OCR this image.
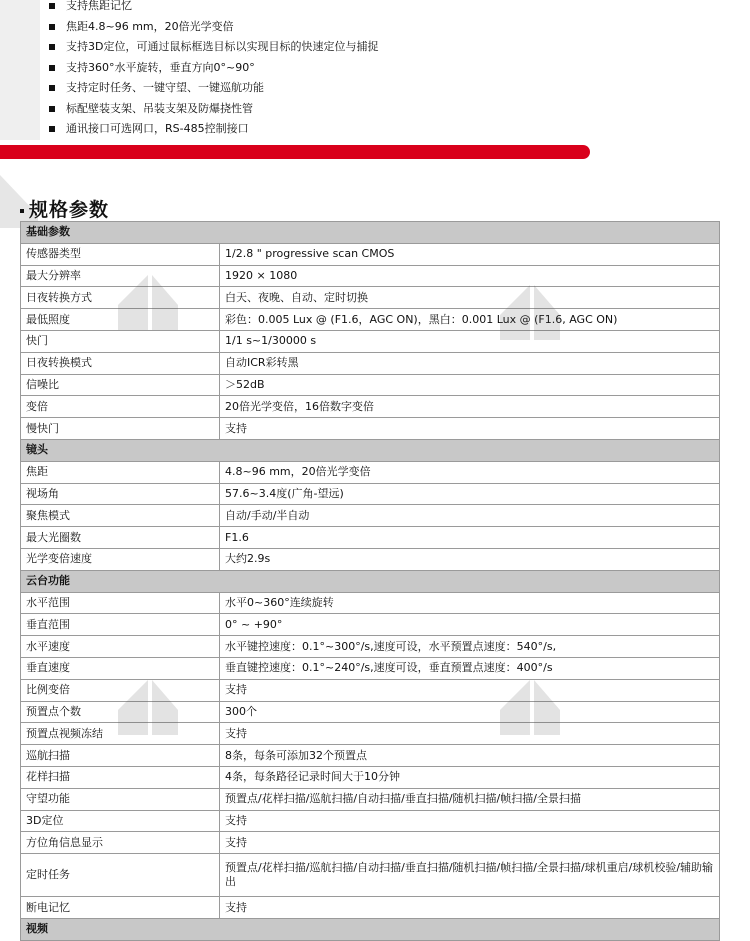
支持焦距记忆
焦距4.8~96 mm，20倍光学变倍
支持3D定位，可通过鼠标框选目标以实现目标的快速定位与捕捉
支持360°水平旋转，垂直方向0°~90°
支持定时任务、一键守望、一键巡航功能
标配壁装支架、吊装支架及防爆挠性管
通讯接口可选网口，RS-485控制接口
规格参数
基础参数	
传感器类型	1/2.8 " progressive scan CMOS
最大分辨率	1920 × 1080
日夜转换方式	白天、夜晚、自动、定时切换
最低照度	彩色：0.005 Lux @ (F1.6，AGC ON)，黑白：0.001 Lux @ (F1.6, AGC ON)
快门	1/1 s~1/30000 s
日夜转换模式	自动ICR彩转黑
信噪比	＞52dB
变倍	20倍光学变倍，16倍数字变倍
慢快门	支持
镜头	
焦距	4.8~96 mm，20倍光学变倍
视场角	57.6~3.4度(广角-望远)
聚焦模式	自动/手动/半自动
最大光圈数	F1.6
光学变倍速度	大约2.9s
云台功能	
水平范围	水平0~360°连续旋转
垂直范围	0° ~ +90°
水平速度	水平键控速度：0.1°~300°/s,速度可设，水平预置点速度：540°/s,
垂直速度	垂直键控速度：0.1°~240°/s,速度可设，垂直预置点速度：400°/s
比例变倍	支持
预置点个数	300个
预置点视频冻结	支持
巡航扫描	8条，每条可添加32个预置点
花样扫描	4条，每条路径记录时间大于10分钟
守望功能	预置点/花样扫描/巡航扫描/自动扫描/垂直扫描/随机扫描/帧扫描/全景扫描
3D定位	支持
方位角信息显示	支持
定时任务	预置点/花样扫描/巡航扫描/自动扫描/垂直扫描/随机扫描/帧扫描/全景扫描/球机重启/球机校验/辅助输出
断电记忆	支持
视频	
